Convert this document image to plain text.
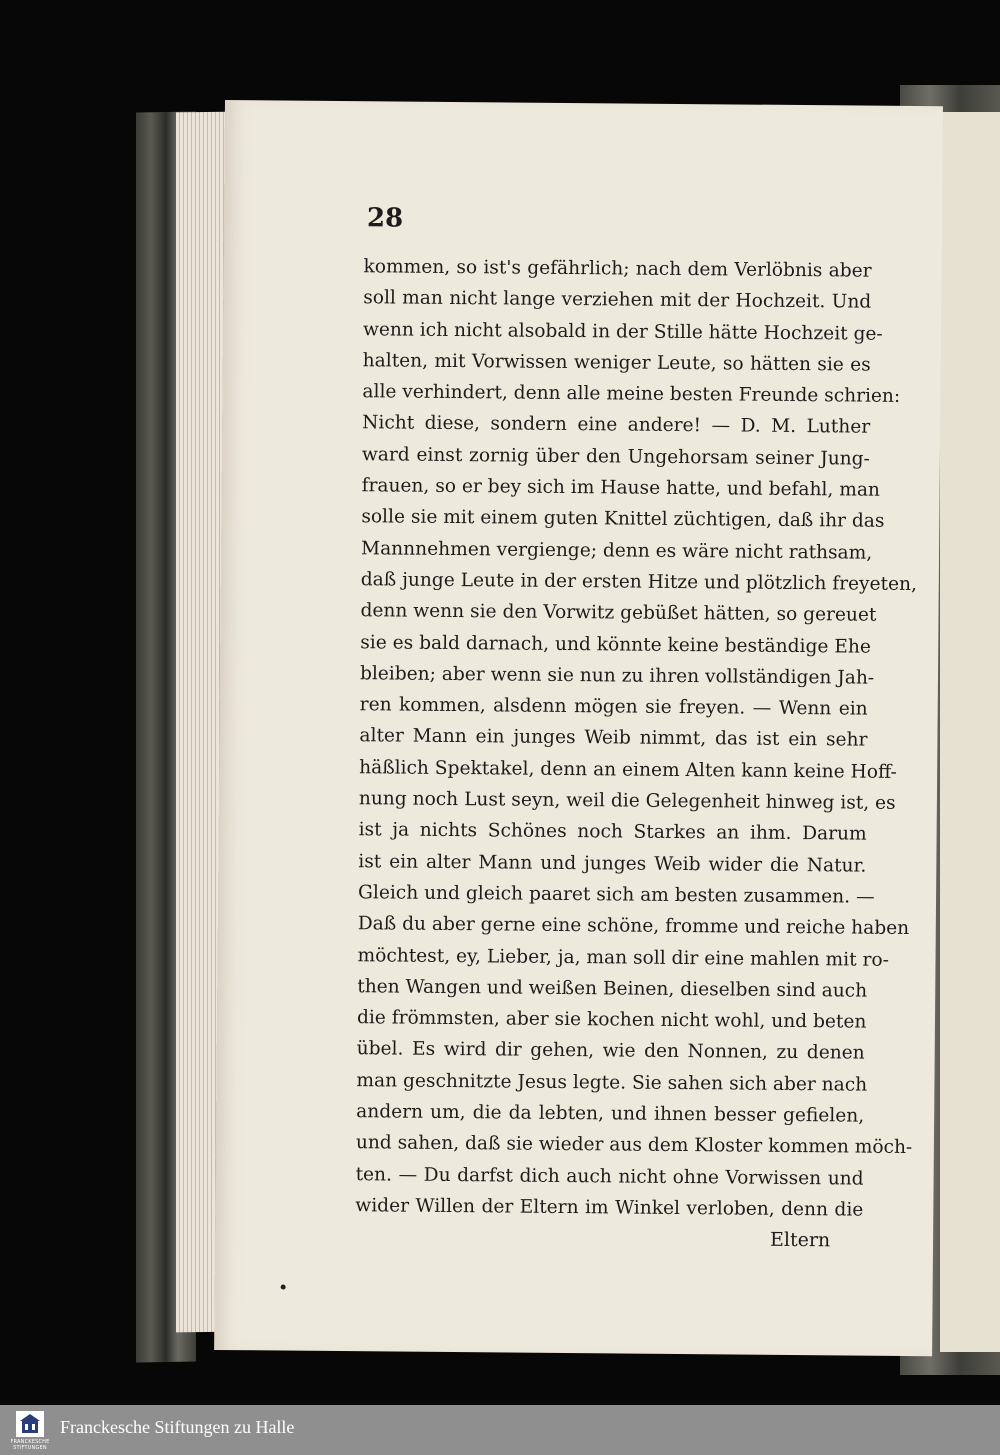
28
kommen, so ist's gefährlich; nach dem Verlöbnis aber
soll man nicht lange verziehen mit der Hochzeit. Und
wenn ich nicht alsobald in der Stille hätte Hochzeit ge-
halten, mit Vorwissen weniger Leute, so hätten sie es
alle verhindert, denn alle meine besten Freunde schrien:
Nicht diese, sondern eine andere! — D. M. Luther
ward einst zornig über den Ungehorsam seiner Jung-
frauen, so er bey sich im Hause hatte, und befahl, man
solle sie mit einem guten Knittel züchtigen, daß ihr das
Mannnehmen vergienge; denn es wäre nicht rathsam,
daß junge Leute in der ersten Hitze und plötzlich freyeten,
denn wenn sie den Vorwitz gebüßet hätten, so gereuet
sie es bald darnach, und könnte keine beständige Ehe
bleiben; aber wenn sie nun zu ihren vollständigen Jah-
ren kommen, alsdenn mögen sie freyen. — Wenn ein
alter Mann ein junges Weib nimmt, das ist ein sehr
häßlich Spektakel, denn an einem Alten kann keine Hoff-
nung noch Lust seyn, weil die Gelegenheit hinweg ist, es
ist ja nichts Schönes noch Starkes an ihm. Darum
ist ein alter Mann und junges Weib wider die Natur.
Gleich und gleich paaret sich am besten zusammen. —
Daß du aber gerne eine schöne, fromme und reiche haben
möchtest, ey, Lieber, ja, man soll dir eine mahlen mit ro-
then Wangen und weißen Beinen, dieselben sind auch
die frömmsten, aber sie kochen nicht wohl, und beten
übel. Es wird dir gehen, wie den Nonnen, zu denen
man geschnitzte Jesus legte. Sie sahen sich aber nach
andern um, die da lebten, und ihnen besser gefielen,
und sahen, daß sie wieder aus dem Kloster kommen möch-
ten. — Du darfst dich auch nicht ohne Vorwissen und
wider Willen der Eltern im Winkel verloben, denn die
Eltern
FRANCKESCHE
STIFTUNGEN
Franckesche Stiftungen zu Halle
